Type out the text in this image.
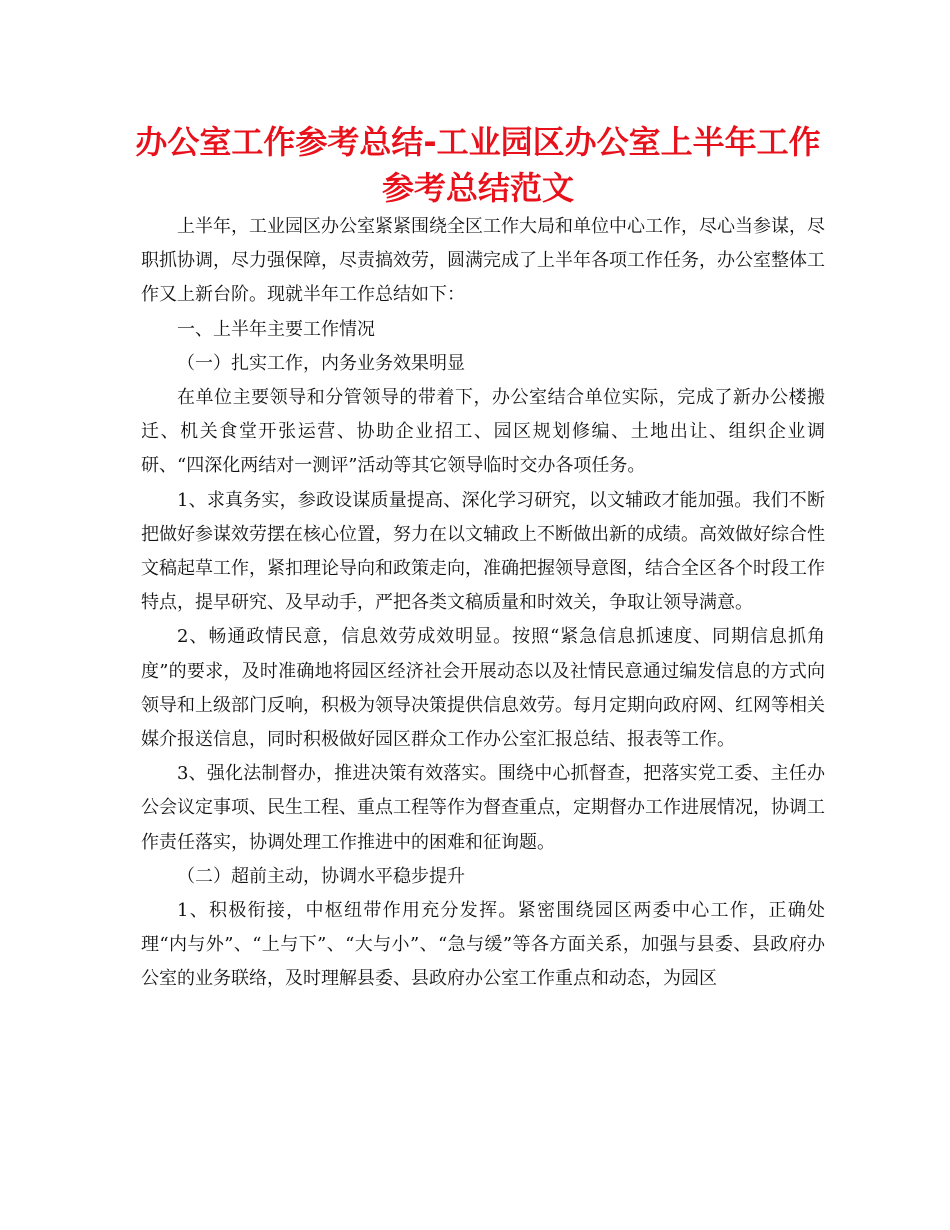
办公室工作参考总结-工业园区办公室上半年工作
参考总结范文

上半年，工业园区办公室紧紧围绕全区工作大局和单位中心工作，尽心当参谋，尽职抓协调，尽力强保障，尽责搞效劳，圆满完成了上半年各项工作任务，办公室整体工作又上新台阶。现就半年工作总结如下：

一、上半年主要工作情况

（一）扎实工作，内务业务效果明显

在单位主要领导和分管领导的带着下，办公室结合单位实际，完成了新办公楼搬迁、机关食堂开张运营、协助企业招工、园区规划修编、土地出让、组织企业调研、“四深化两结对一测评”活动等其它领导临时交办各项任务。

1、求真务实，参政设谋质量提高、深化学习研究，以文辅政才能加强。我们不断把做好参谋效劳摆在核心位置，努力在以文辅政上不断做出新的成绩。高效做好综合性文稿起草工作，紧扣理论导向和政策走向，准确把握领导意图，结合全区各个时段工作特点，提早研究、及早动手，严把各类文稿质量和时效关，争取让领导满意。

2、畅通政情民意，信息效劳成效明显。按照“紧急信息抓速度、同期信息抓角度”的要求，及时准确地将园区经济社会开展动态以及社情民意通过编发信息的方式向领导和上级部门反响，积极为领导决策提供信息效劳。每月定期向政府网、红网等相关媒介报送信息，同时积极做好园区群众工作办公室汇报总结、报表等工作。

3、强化法制督办，推进决策有效落实。围绕中心抓督查，把落实党工委、主任办公会议定事项、民生工程、重点工程等作为督查重点，定期督办工作进展情况，协调工作责任落实，协调处理工作推进中的困难和征询题。

（二）超前主动，协调水平稳步提升

1、积极衔接，中枢纽带作用充分发挥。紧密围绕园区两委中心工作，正确处理“内与外”、“上与下”、“大与小”、“急与缓”等各方面关系，加强与县委、县政府办公室的业务联络，及时理解县委、县政府办公室工作重点和动态，为园区
